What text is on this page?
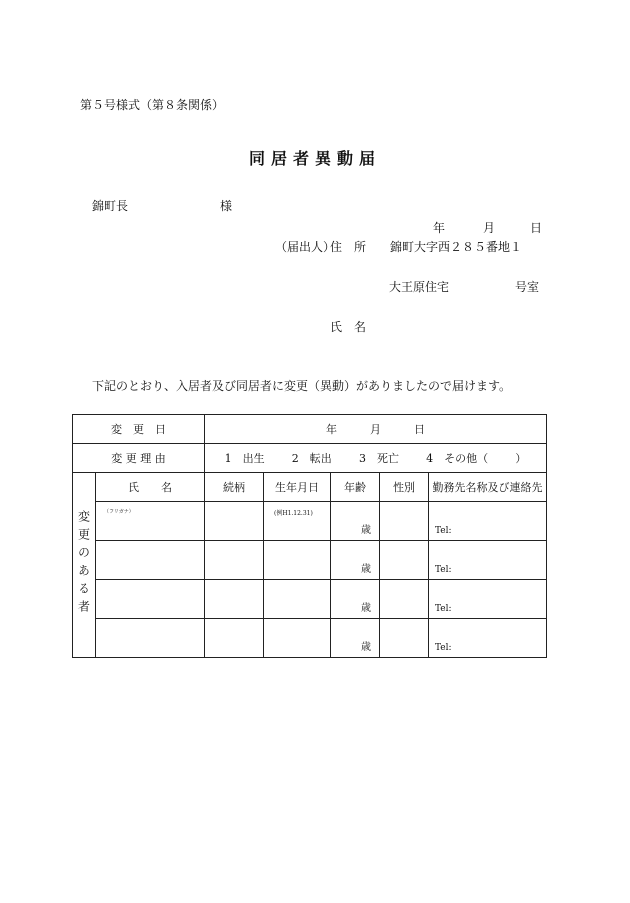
第５号様式（第８条関係）
同居者異動届
錦町長	様
年	月	日
（届出人）
住　所 錦町大字西２８５番地１
大王原住宅	号室
氏　名
下記のとおり、入居者及び同居者に変更（異動）がありましたので届けます。
変　更　日		年　　　月　　　日				
変 更 理 由		1　出生 2　転出 3　死亡 4　その他（ ）				

変更のある者	氏　　名	続柄	生年月日	年齢	性別	勤務先名称及び連絡先

	（フリガナ）		(例H1.12.31)	歳		Tel:

				歳		Tel:

				歳		Tel:

				歳		Tel:
